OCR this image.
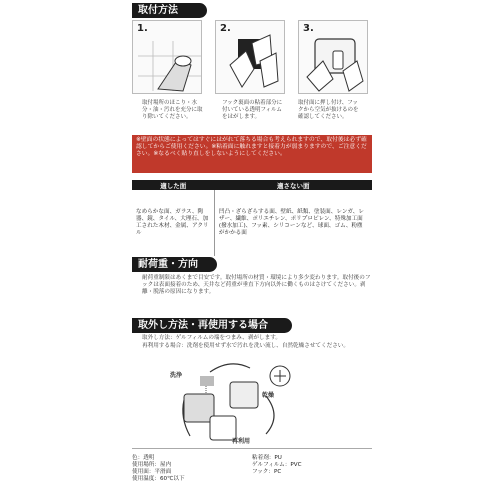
取付方法
1.	2.	3.
取付場所のほこり・水分・油・汚れを充分に取り除いてください。
フック裏面の粘着部分に付いている透明フィルムをはがします。
取付面に押し付け、フックから空気が抜けるのを確認してください。
※壁面の状態によってはすぐにはがれて落ちる場合も考えられますので、取付後は必ず確認してからご使用ください。※粘着面に触れますと接着力が弱まりますので、ご注意ください。※なるべく貼り直しをしないようにしてください。
適した面	適さない面
なめらかな面、ガラス、陶器、鏡、タイル、大理石、加工された木材、金属、アクリル	凹凸・ざらざらする面、壁紙、紙類、塗装面、レンガ、レザー、繊維、ポリエチレン、ポリプロピレン、特殊加工面(撥水加工)、フッ素、シリコーンなど、球面、ゴム、粉塵がかかる面
耐荷重・方向
耐荷重制限はあくまで目安です。取付場所の材質・環境により多少変わります。取付後のフックは表面接着のため、天井など荷重が垂直下方向以外に働くものはさけてください。剥離・脱落の原因になります。
取外し方法・再使用する場合
取外し方法：ゲルフィルムの端をつまみ、剥がします。
再利用する場合：洗剤を使用せず水で汚れを洗い流し、自然乾燥させてください。
洗浄
乾燥
再利用
色：透明
使用場所：屋内
使用面：平滑面
使用温度：60℃以下
粘着剤：PU
ゲルフィルム：PVC
フック：PC
